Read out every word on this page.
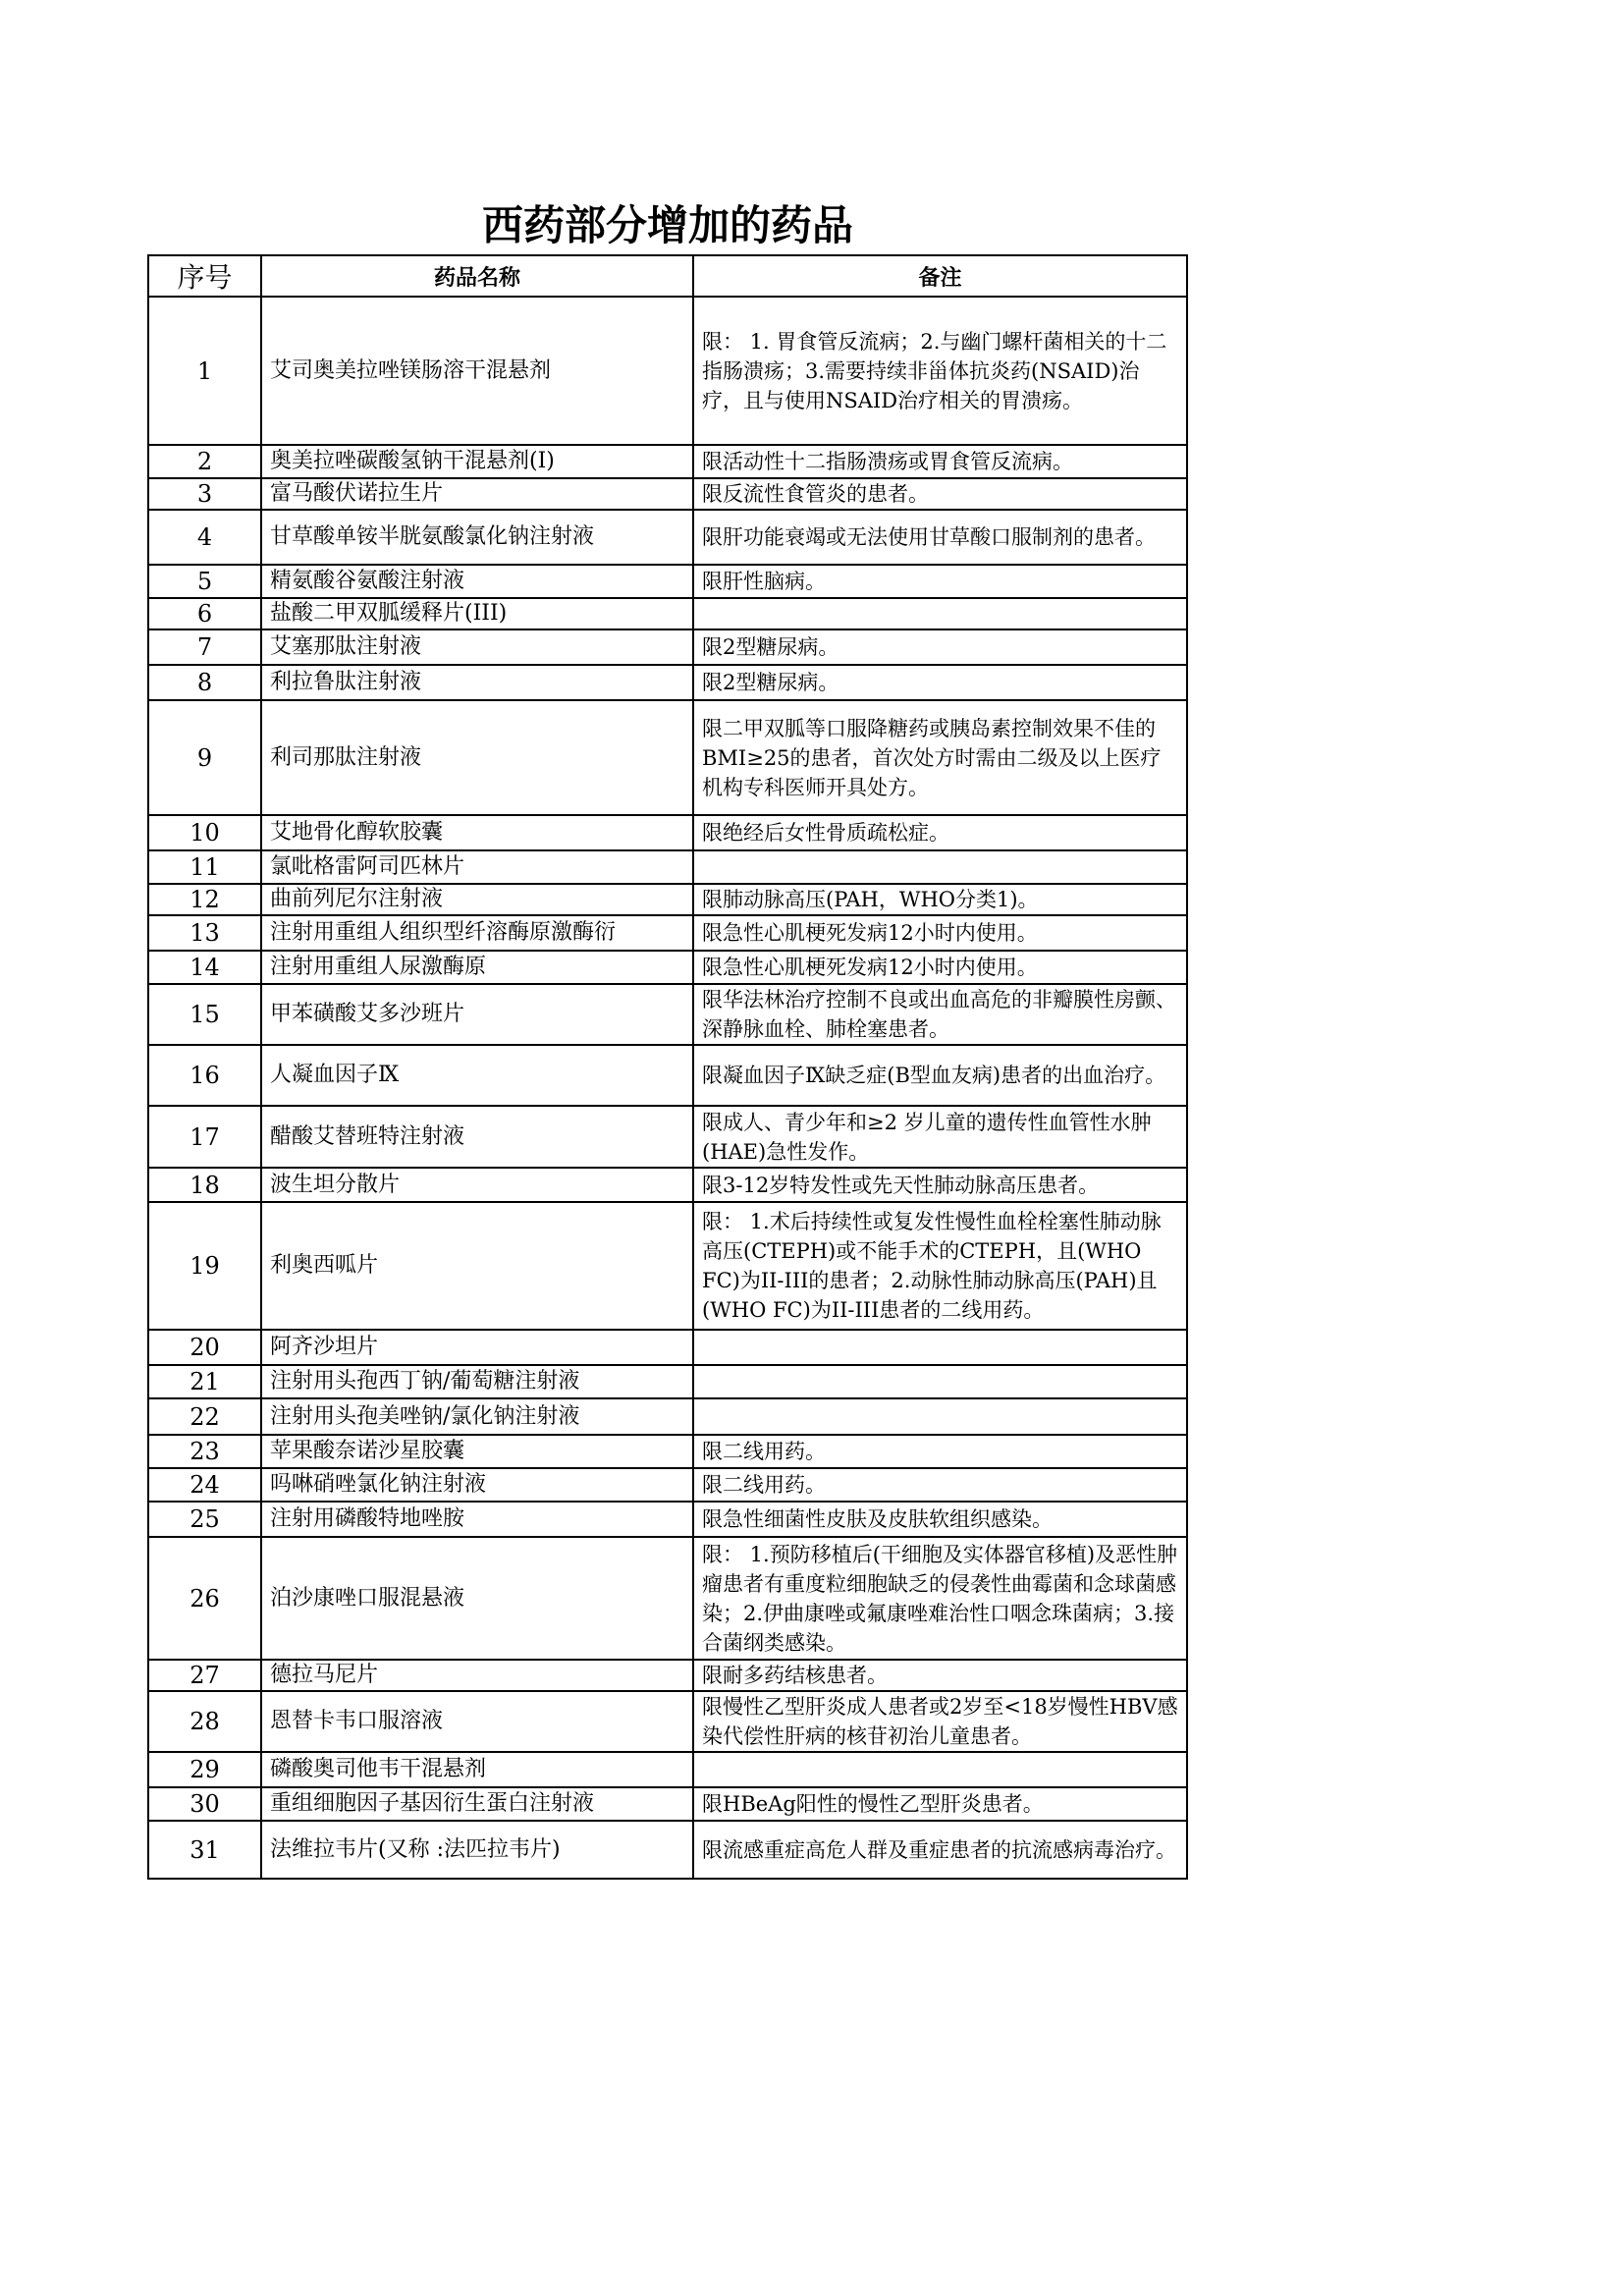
西药部分增加的药品
序号	药品名称	备注
1	艾司奥美拉唑镁肠溶干混悬剂	限： 1. 胃食管反流病；2.与幽门螺杆菌相关的十二指肠溃疡；3.需要持续非甾体抗炎药(NSAID)治疗，且与使用NSAID治疗相关的胃溃疡。
2	奥美拉唑碳酸氢钠干混悬剂(Ⅰ)	限活动性十二指肠溃疡或胃食管反流病。
3	富马酸伏诺拉生片	限反流性食管炎的患者。
4	甘草酸单铵半胱氨酸氯化钠注射液	限肝功能衰竭或无法使用甘草酸口服制剂的患者。
5	精氨酸谷氨酸注射液	限肝性脑病。
6	盐酸二甲双胍缓释片(III)	
7	艾塞那肽注射液	限2型糖尿病。
8	利拉鲁肽注射液	限2型糖尿病。
9	利司那肽注射液	限二甲双胍等口服降糖药或胰岛素控制效果不佳的BMI≥25的患者，首次处方时需由二级及以上医疗机构专科医师开具处方。
10	艾地骨化醇软胶囊	限绝经后女性骨质疏松症。
11	氯吡格雷阿司匹林片	
12	曲前列尼尔注射液	限肺动脉高压(PAH，WHO分类1)。
13	注射用重组人组织型纤溶酶原激酶衍	限急性心肌梗死发病12小时内使用。
14	注射用重组人尿激酶原	限急性心肌梗死发病12小时内使用。
15	甲苯磺酸艾多沙班片	限华法林治疗控制不良或出血高危的非瓣膜性房颤、深静脉血栓、肺栓塞患者。
16	人凝血因子Ⅸ	限凝血因子Ⅸ缺乏症(B型血友病)患者的出血治疗。
17	醋酸艾替班特注射液	限成人、青少年和≥2 岁儿童的遗传性血管性水肿(HAE)急性发作。
18	波生坦分散片	限3-12岁特发性或先天性肺动脉高压患者。
19	利奥西呱片	限： 1.术后持续性或复发性慢性血栓栓塞性肺动脉高压(CTEPH)或不能手术的CTEPH，且(WHO FC)为II-III的患者；2.动脉性肺动脉高压(PAH)且(WHO FC)为II-III患者的二线用药。
20	阿齐沙坦片	
21	注射用头孢西丁钠/葡萄糖注射液	
22	注射用头孢美唑钠/氯化钠注射液	
23	苹果酸奈诺沙星胶囊	限二线用药。
24	吗啉硝唑氯化钠注射液	限二线用药。
25	注射用磷酸特地唑胺	限急性细菌性皮肤及皮肤软组织感染。
26	泊沙康唑口服混悬液	限： 1.预防移植后(干细胞及实体器官移植)及恶性肿瘤患者有重度粒细胞缺乏的侵袭性曲霉菌和念球菌感染；2.伊曲康唑或氟康唑难治性口咽念珠菌病；3.接合菌纲类感染。
27	德拉马尼片	限耐多药结核患者。
28	恩替卡韦口服溶液	限慢性乙型肝炎成人患者或2岁至<18岁慢性HBV感染代偿性肝病的核苷初治儿童患者。
29	磷酸奥司他韦干混悬剂	
30	重组细胞因子基因衍生蛋白注射液	限HBeAg阳性的慢性乙型肝炎患者。
31	法维拉韦片(又称 :法匹拉韦片)	限流感重症高危人群及重症患者的抗流感病毒治疗。
